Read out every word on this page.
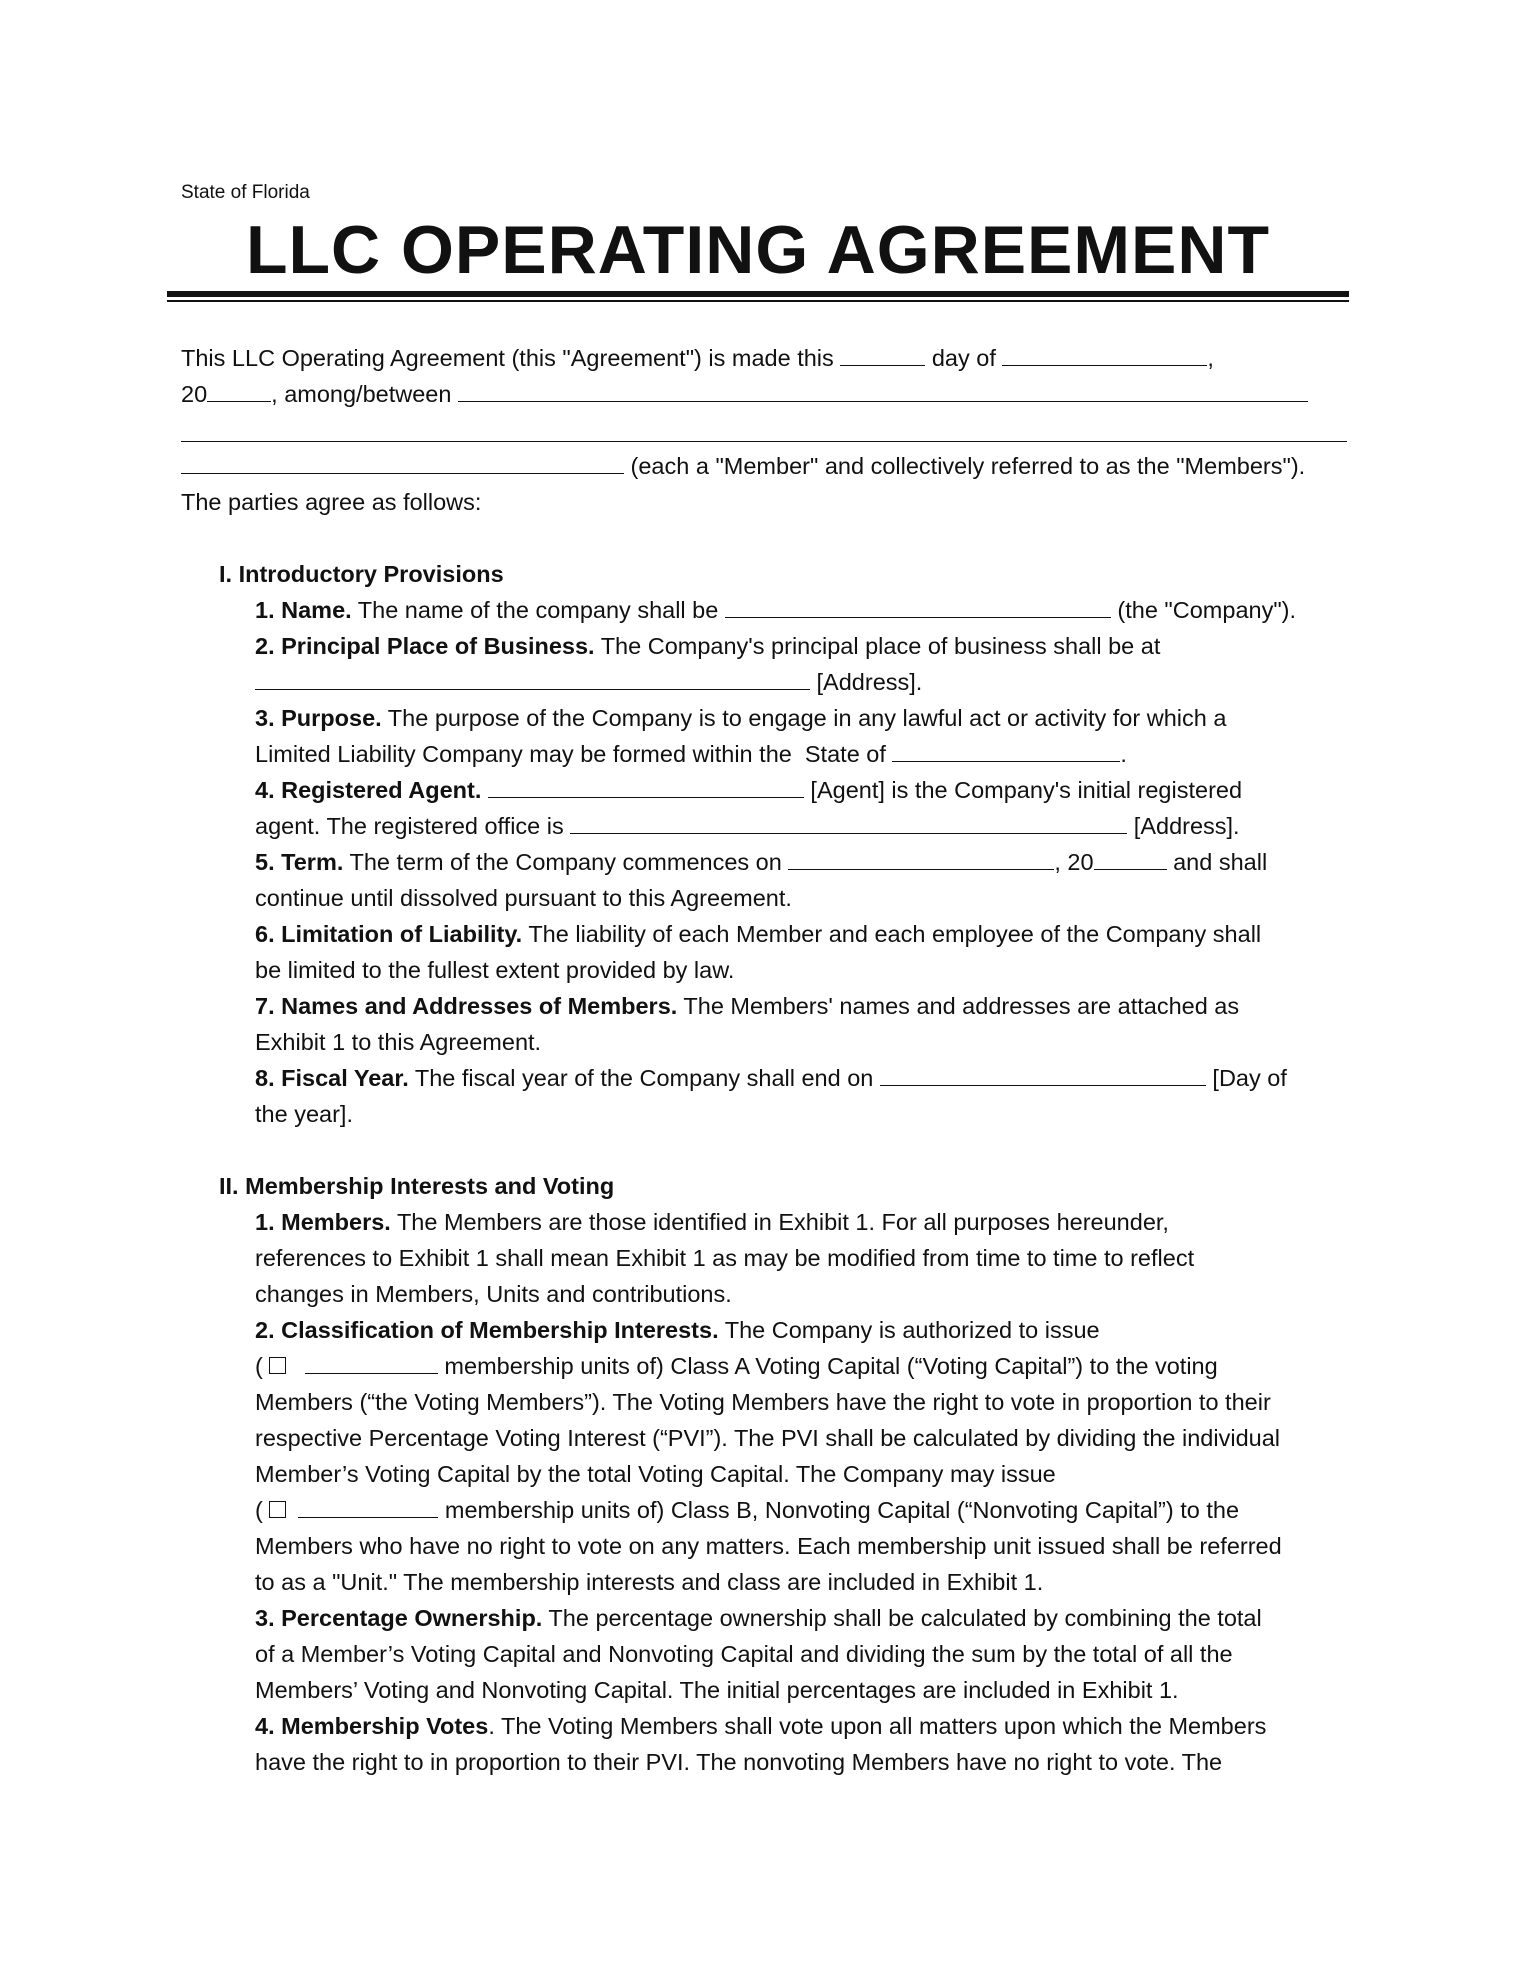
State of Florida
LLC OPERATING AGREEMENT
This LLC Operating Agreement (this "Agreement") is made this	day of	,
20	, among/between
(each a "Member" and collectively referred to as the "Members").
The parties agree as follows:
I. Introductory Provisions
1. Name. The name of the company shall be	(the "Company").
2. Principal Place of Business. The Company's principal place of business shall be at
[Address].
3. Purpose. The purpose of the Company is to engage in any lawful act or activity for which a
Limited Liability Company may be formed within the  State of	.
4. Registered Agent.	[Agent] is the Company's initial registered
agent. The registered office is	[Address].
5. Term. The term of the Company commences on	, 20	and shall
continue until dissolved pursuant to this Agreement.
6. Limitation of Liability. The liability of each Member and each employee of the Company shall
be limited to the fullest extent provided by law.
7. Names and Addresses of Members. The Members' names and addresses are attached as
Exhibit 1 to this Agreement.
8. Fiscal Year. The fiscal year of the Company shall end on	[Day of
the year].
II. Membership Interests and Voting
1. Members. The Members are those identified in Exhibit 1. For all purposes hereunder,
references to Exhibit 1 shall mean Exhibit 1 as may be modified from time to time to reflect
changes in Members, Units and contributions.
2. Classification of Membership Interests. The Company is authorized to issue
(	membership units of) Class A Voting Capital (“Voting Capital”) to the voting
Members (“the Voting Members”). The Voting Members have the right to vote in proportion to their
respective Percentage Voting Interest (“PVI”). The PVI shall be calculated by dividing the individual
Member’s Voting Capital by the total Voting Capital. The Company may issue
(	membership units of) Class B, Nonvoting Capital (“Nonvoting Capital”) to the
Members who have no right to vote on any matters. Each membership unit issued shall be referred
to as a "Unit." The membership interests and class are included in Exhibit 1.
3. Percentage Ownership. The percentage ownership shall be calculated by combining the total
of a Member’s Voting Capital and Nonvoting Capital and dividing the sum by the total of all the
Members’ Voting and Nonvoting Capital. The initial percentages are included in Exhibit 1.
4. Membership Votes. The Voting Members shall vote upon all matters upon which the Members
have the right to in proportion to their PVI. The nonvoting Members have no right to vote. The
